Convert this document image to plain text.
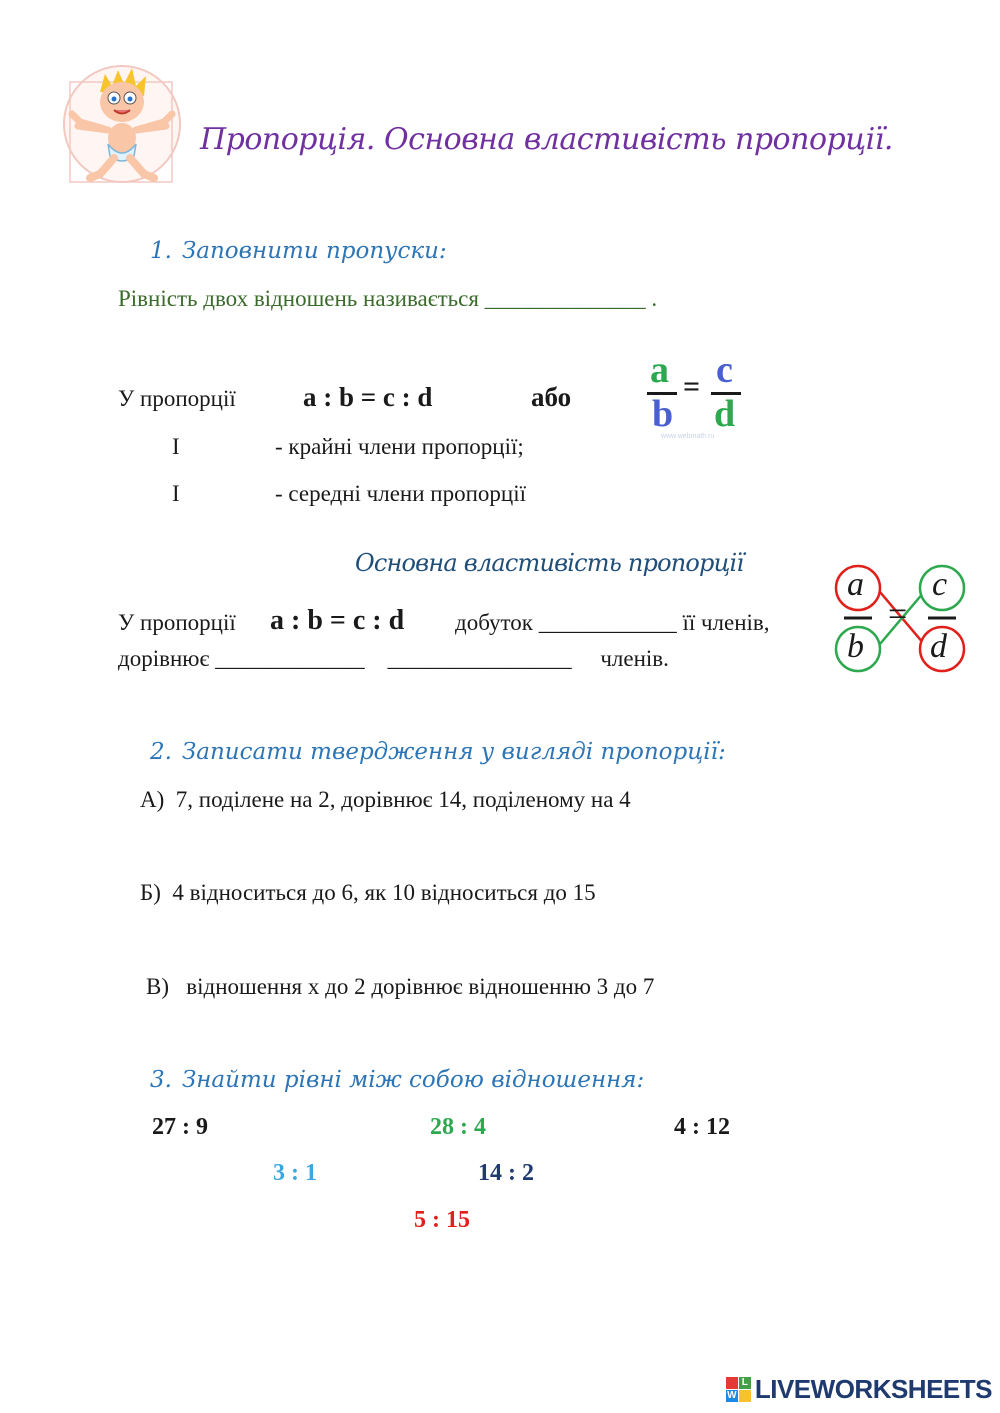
Пропорція. Основна властивість пропорції.
1. Заповнити пропуски:
Рівність двох відношень називається ______________ .
У пропорції a : b = c : d	або
a
b
= c
d
www.webmath.ru
I	- крайні члени пропорції;
I	- середні члени пропорції
Основна властивість пропорції
У пропорції a : b = c : d добуток ____________ її членів,
дорівнює _____________    ________________     членів.
a
b
c
d
=
2. Записати твердження у вигляді пропорції:
А) 7, поділене на 2, дорівнює 14, поділеному на 4
Б) 4 відноситься до 6, як 10 відноситься до 15
В) відношення x до 2 дорівнює відношенню 3 до 7
3. Знайти рівні між собою відношення:
27 : 9	28 : 4	4 : 12
3 : 1	14 : 2
5 : 15
L
W LIVEWORKSHEETS
